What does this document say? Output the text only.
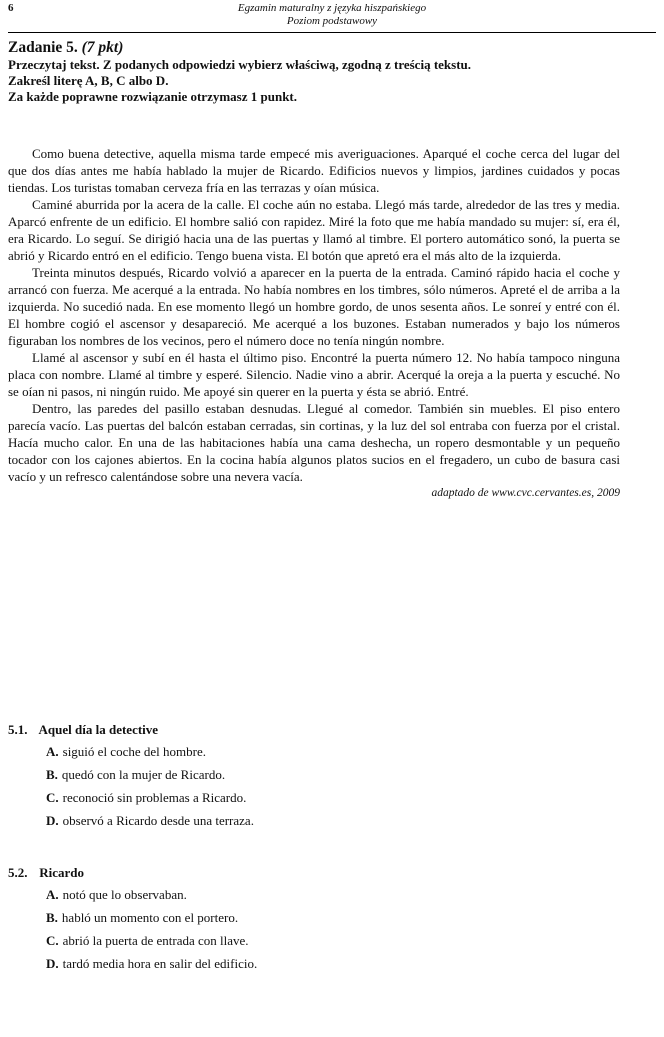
6	Egzamin maturalny z języka hiszpańskiego
Poziom podstawowy

Zadanie 5. (7 pkt)

Przeczytaj tekst. Z podanych odpowiedzi wybierz właściwą, zgodną z treścią tekstu.

Zakreśl literę A, B, C albo D.

Za każde poprawne rozwiązanie otrzymasz 1 punkt.

Como buena detective, aquella misma tarde empecé mis averiguaciones. Aparqué el coche cerca del lugar del que dos días antes me había hablado la mujer de Ricardo. Edificios nuevos y limpios, jardines cuidados y pocas tiendas. Los turistas tomaban cerveza fría en las terrazas y oían música.

Caminé aburrida por la acera de la calle. El coche aún no estaba. Llegó más tarde, alrededor de las tres y media. Aparcó enfrente de un edificio. El hombre salió con rapidez. Miré la foto que me había mandado su mujer: sí, era él, era Ricardo. Lo seguí. Se dirigió hacia una de las puertas y llamó al timbre. El portero automático sonó, la puerta se abrió y Ricardo entró en el edificio. Tengo buena vista. El botón que apretó era el más alto de la izquierda.

Treinta minutos después, Ricardo volvió a aparecer en la puerta de la entrada. Caminó rápido hacia el coche y arrancó con fuerza. Me acerqué a la entrada. No había nombres en los timbres, sólo números. Apreté el de arriba a la izquierda. No sucedió nada. En ese momento llegó un hombre gordo, de unos sesenta años. Le sonreí y entré con él. El hombre cogió el ascensor y desapareció. Me acerqué a los buzones. Estaban numerados y bajo los números figuraban los nombres de los vecinos, pero el número doce no tenía ningún nombre.

Llamé al ascensor y subí en él hasta el último piso. Encontré la puerta número 12. No había tampoco ninguna placa con nombre. Llamé al timbre y esperé. Silencio. Nadie vino a abrir. Acerqué la oreja a la puerta y escuché. No se oían ni pasos, ni ningún ruido. Me apoyé sin querer en la puerta y ésta se abrió. Entré.

Dentro, las paredes del pasillo estaban desnudas. Llegué al comedor. También sin muebles. El piso entero parecía vacío. Las puertas del balcón estaban cerradas, sin cortinas, y la luz del sol entraba con fuerza por el cristal. Hacía mucho calor. En una de las habitaciones había una cama deshecha, un ropero desmontable y un pequeño tocador con los cajones abiertos. En la cocina había algunos platos sucios en el fregadero, un cubo de basura casi vacío y un refresco calentándose sobre una nevera vacía.

adaptado de www.cvc.cervantes.es, 2009

5.1. Aquel día la detective

A. siguió el coche del hombre.

B. quedó con la mujer de Ricardo.

C. reconoció sin problemas a Ricardo.

D. observó a Ricardo desde una terraza.

5.2. Ricardo

A. notó que lo observaban.

B. habló un momento con el portero.

C. abrió la puerta de entrada con llave.

D. tardó media hora en salir del edificio.
